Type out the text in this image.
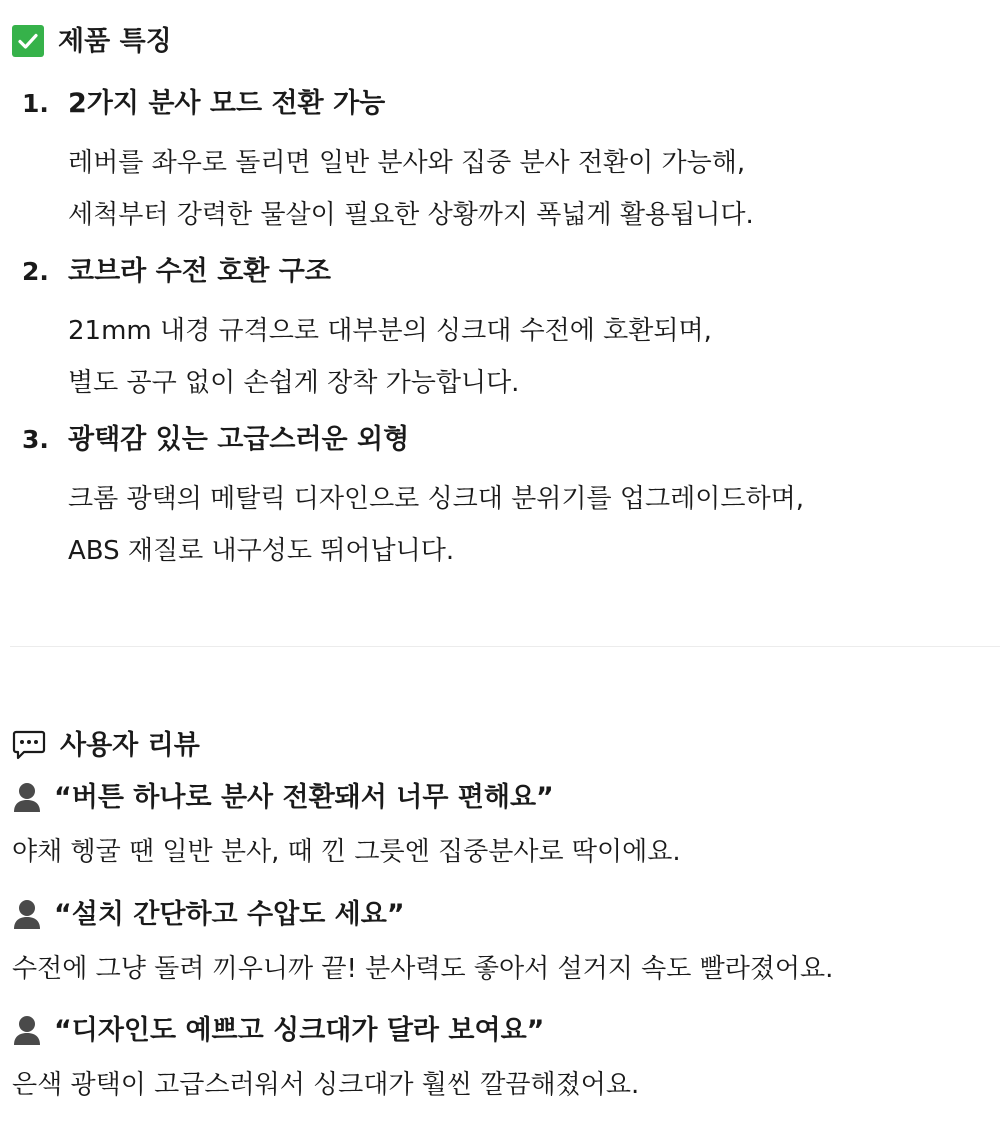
제품 특징
1. 2가지 분사 모드 전환 가능
레버를 좌우로 돌리면 일반 분사와 집중 분사 전환이 가능해,
세척부터 강력한 물살이 필요한 상황까지 폭넓게 활용됩니다.
2. 코브라 수전 호환 구조
21mm 내경 규격으로 대부분의 싱크대 수전에 호환되며,
별도 공구 없이 손쉽게 장착 가능합니다.
3. 광택감 있는 고급스러운 외형
크롬 광택의 메탈릭 디자인으로 싱크대 분위기를 업그레이드하며,
ABS 재질로 내구성도 뛰어납니다.
사용자 리뷰
“버튼 하나로 분사 전환돼서 너무 편해요”
야채 헹굴 땐 일반 분사, 때 낀 그릇엔 집중분사로 딱이에요.
“설치 간단하고 수압도 세요”
수전에 그냥 돌려 끼우니까 끝! 분사력도 좋아서 설거지 속도 빨라졌어요.
“디자인도 예쁘고 싱크대가 달라 보여요”
은색 광택이 고급스러워서 싱크대가 훨씬 깔끔해졌어요.
